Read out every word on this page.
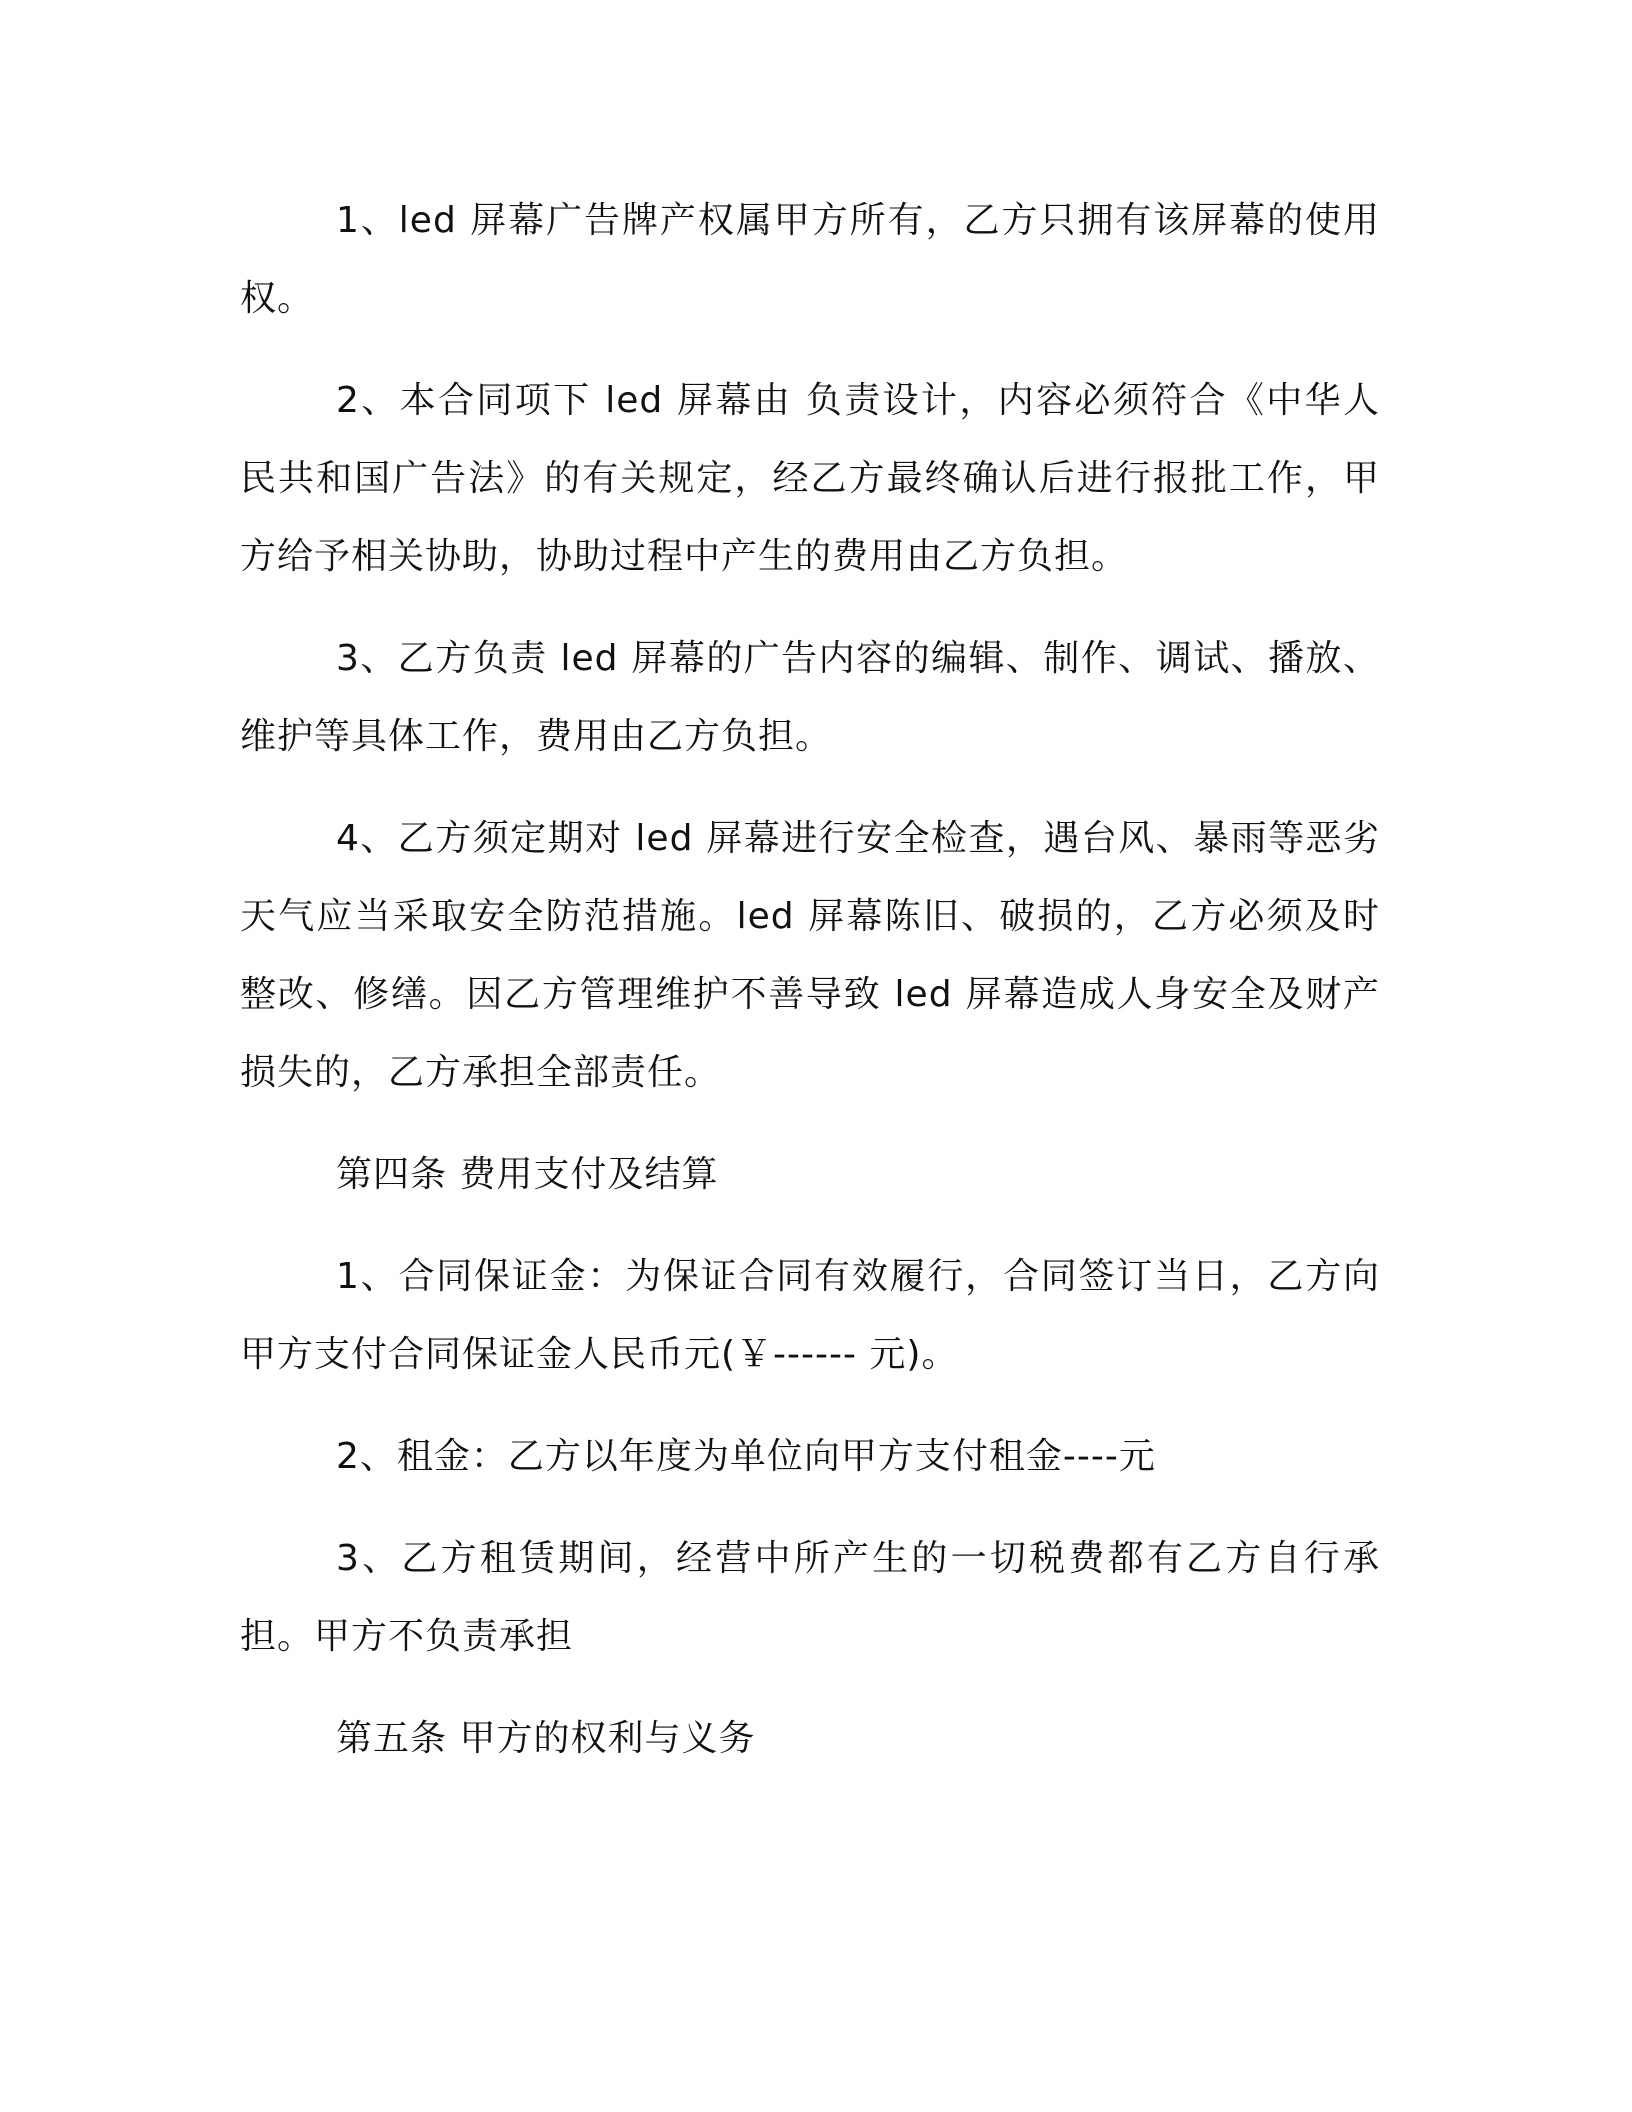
1、led 屏幕广告牌产权属甲方所有，乙方只拥有该屏幕的使用权。

2、本合同项下 led 屏幕由 负责设计，内容必须符合《中华人民共和国广告法》的有关规定，经乙方最终确认后进行报批工作，甲方给予相关协助，协助过程中产生的费用由乙方负担。

3、乙方负责 led 屏幕的广告内容的编辑、制作、调试、播放、维护等具体工作，费用由乙方负担。

4、乙方须定期对 led 屏幕进行安全检查，遇台风、暴雨等恶劣天气应当采取安全防范措施。led 屏幕陈旧、破损的，乙方必须及时整改、修缮。因乙方管理维护不善导致 led 屏幕造成人身安全及财产损失的，乙方承担全部责任。

第四条 费用支付及结算

1、合同保证金：为保证合同有效履行，合同签订当日，乙方向甲方支付合同保证金人民币元(￥------ 元)。

2、租金：乙方以年度为单位向甲方支付租金----元

3、乙方租赁期间，经营中所产生的一切税费都有乙方自行承担。甲方不负责承担

第五条 甲方的权利与义务
